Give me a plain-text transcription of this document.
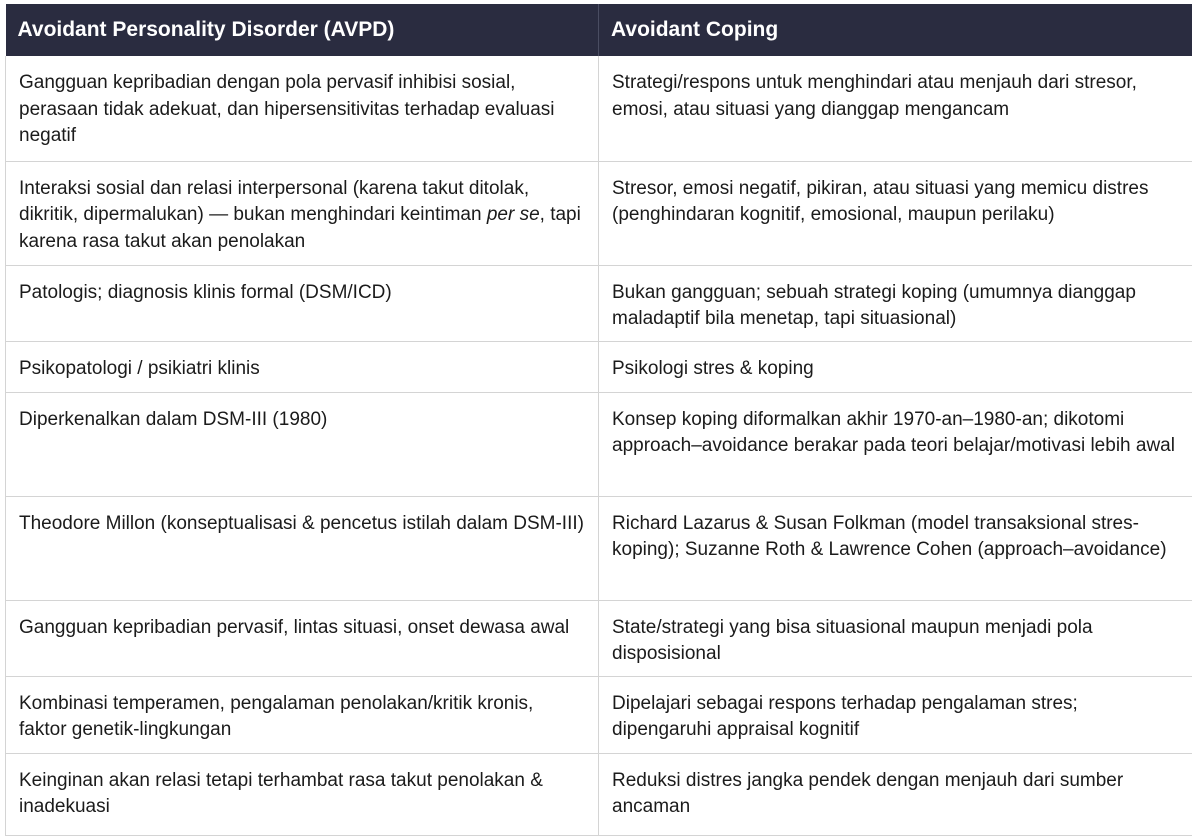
Avoidant Personality Disorder (AVPD)	Avoidant Coping

Gangguan kepribadian dengan pola pervasif inhibisi sosial, perasaan tidak adekuat, dan hipersensitivitas terhadap evaluasi negatif	Strategi/respons untuk menghindari atau menjauh dari stresor, emosi, atau situasi yang dianggap mengancam

Interaksi sosial dan relasi interpersonal (karena takut ditolak, dikritik, dipermalukan) — bukan menghindari keintiman per se, tapi karena rasa takut akan penolakan	Stresor, emosi negatif, pikiran, atau situasi yang memicu distres (penghindaran kognitif, emosional, maupun perilaku)

Patologis; diagnosis klinis formal (DSM/ICD)	Bukan gangguan; sebuah strategi koping (umumnya dianggap maladaptif bila menetap, tapi situasional)

Psikopatologi / psikiatri klinis	Psikologi stres & koping

Diperkenalkan dalam DSM-III (1980)	Konsep koping diformalkan akhir 1970-an–1980-an; dikotomi approach–avoidance berakar pada teori belajar/motivasi lebih awal

Theodore Millon (konseptualisasi & pencetus istilah dalam DSM-III)	Richard Lazarus & Susan Folkman (model transaksional stres-koping); Suzanne Roth & Lawrence Cohen (approach–avoidance)

Gangguan kepribadian pervasif, lintas situasi, onset dewasa awal	State/strategi yang bisa situasional maupun menjadi pola disposisional

Kombinasi temperamen, pengalaman penolakan/kritik kronis, faktor genetik-lingkungan	Dipelajari sebagai respons terhadap pengalaman stres; dipengaruhi appraisal kognitif

Keinginan akan relasi tetapi terhambat rasa takut penolakan & inadekuasi	Reduksi distres jangka pendek dengan menjauh dari sumber ancaman
